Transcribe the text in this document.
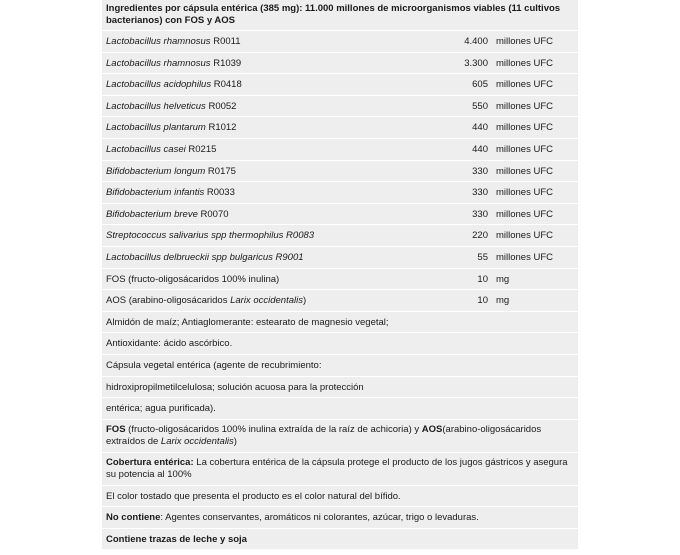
Ingredientes por cápsula entérica (385 mg): 11.000 millones de microorganismos viables (11 cultivos bacterianos) con FOS y AOS
Lactobacillus rhamnosus R0011	4.400 millones UFC
Lactobacillus rhamnosus R1039	3.300 millones UFC
Lactobacillus acidophilus R0418	605 millones UFC
Lactobacillus helveticus R0052	550 millones UFC
Lactobacillus plantarum R1012	440 millones UFC
Lactobacillus casei R0215	440 millones UFC
Bifidobacterium longum R0175	330 millones UFC
Bifidobacterium infantis R0033	330 millones UFC
Bifidobacterium breve R0070	330 millones UFC
Streptococcus salivarius spp thermophilus R0083	220 millones UFC
Lactobacillus delbrueckii spp bulgaricus R9001	55 millones UFC
FOS (fructo-oligosácaridos 100% inulina)	10 mg
AOS (arabino-oligosácaridos Larix occidentalis)	10 mg
Almidón de maíz; Antiaglomerante: estearato de magnesio vegetal;
Antioxidante: ácido ascórbico.
Cápsula vegetal entérica (agente de recubrimiento:
hidroxipropilmetilcelulosa; solución acuosa para la protección
entérica; agua purificada).
FOS (fructo-oligosácaridos 100% inulina extraída de la raíz de achicoria) y AOS(arabino-oligosácaridos extraídos de Larix occidentalis)
Cobertura entérica: La cobertura entérica de la cápsula protege el producto de los jugos gástricos y asegura su potencia al 100%
El color tostado que presenta el producto es el color natural del bífido.
No contiene: Agentes conservantes, aromáticos ni colorantes, azúcar, trigo o levaduras.
Contiene trazas de leche y soja
